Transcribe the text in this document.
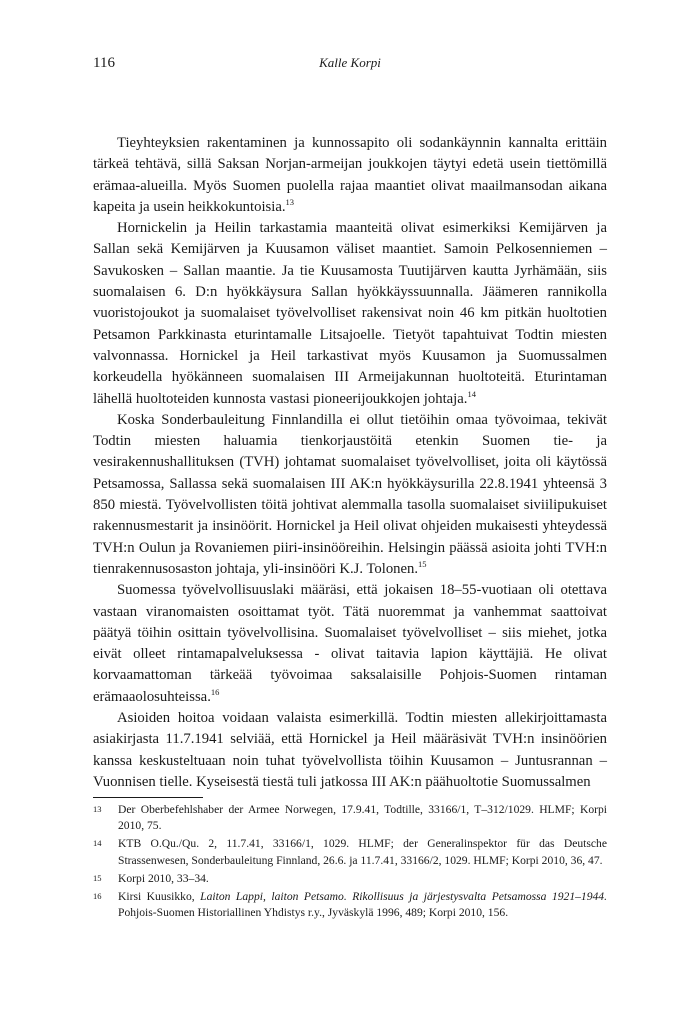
116	Kalle Korpi

Tieyhteyksien rakentaminen ja kunnossapito oli sodankäynnin kannalta erittäin tärkeä tehtävä, sillä Saksan Norjan-armeijan joukkojen täytyi edetä usein tiettömillä erämaa-alueilla. Myös Suomen puolella rajaa maantiet olivat maailmansodan aikana kapeita ja usein heikkokuntoisia.$^{13}$

Hornickelin ja Heilin tarkastamia maanteitä olivat esimerkiksi Kemijärven ja Sallan sekä Kemijärven ja Kuusamon väliset maantiet. Samoin Pelkosenniemen – Savukosken – Sallan maantie. Ja tie Kuusamosta Tuutijärven kautta Jyrhämään, siis suomalaisen 6. D:n hyökkäysura Sallan hyökkäyssuunnalla. Jäämeren rannikolla vuoristojoukot ja suomalaiset työvelvolliset rakensivat noin 46 km pitkän huoltotien Petsamon Parkkinasta eturintamalle Litsajoelle. Tietyöt tapahtuivat Todtin miesten valvonnassa. Hornickel ja Heil tarkastivat myös Kuusamon ja Suomussalmen korkeudella hyökänneen suomalaisen III Armeijakunnan huoltoteitä. Eturintaman lähellä huoltoteiden kunnosta vastasi pioneerijoukkojen johtaja.$^{14}$

Koska Sonderbauleitung Finnlandilla ei ollut tietöihin omaa työvoimaa, tekivät Todtin miesten haluamia tienkorjaustöitä etenkin Suomen tie- ja vesirakennushallituksen (TVH) johtamat suomalaiset työvelvolliset, joita oli käytössä Petsamossa, Sallassa sekä suomalaisen III AK:n hyökkäysurilla 22.8.1941 yhteensä 3 850 miestä. Työvelvollisten töitä johtivat alemmalla tasolla suomalaiset siviilipukuiset rakennusmestarit ja insinöörit. Hornickel ja Heil olivat ohjeiden mukaisesti yhteydessä TVH:n Oulun ja Rovaniemen piiri-insinööreihin. Helsingin päässä asioita johti TVH:n tienrakennusosaston johtaja, yli-insinööri K.J. Tolonen.$^{15}$

Suomessa työvelvollisuuslaki määräsi, että jokaisen 18–55-vuotiaan oli otettava vastaan viranomaisten osoittamat työt. Tätä nuoremmat ja vanhemmat saattoivat päätyä töihin osittain työvelvollisina. Suomalaiset työvelvolliset – siis miehet, jotka eivät olleet rintamapalveluksessa - olivat taitavia lapion käyttäjiä. He olivat korvaamattoman tärkeää työvoimaa saksalaisille Pohjois-Suomen rintaman erämaaolosuhteissa.$^{16}$

Asioiden hoitoa voidaan valaista esimerkillä. Todtin miesten allekirjoittamasta asiakirjasta 11.7.1941 selviää, että Hornickel ja Heil määräsivät TVH:n insinöörien kanssa keskusteltuaan noin tuhat työvelvollista töihin Kuusamon – Juntusrannan – Vuonnisen tielle. Kyseisestä tiestä tuli jatkossa III AK:n päähuoltotie Suomussalmen

13 Der Oberbefehlshaber der Armee Norwegen, 17.9.41, Todtille, 33166/1, T–312/1029. HLMF; Korpi 2010, 75.
14 KTB O.Qu./Qu. 2, 11.7.41, 33166/1, 1029. HLMF; der Generalinspektor für das Deutsche Strassenwesen, Sonderbauleitung Finnland, 26.6. ja 11.7.41, 33166/2, 1029. HLMF; Korpi 2010, 36, 47.
15 Korpi 2010, 33–34.
16 Kirsi Kuusikko, Laiton Lappi, laiton Petsamo. Rikollisuus ja järjestysvalta Petsamossa 1921–1944. Pohjois-Suomen Historiallinen Yhdistys r.y., Jyväskylä 1996, 489; Korpi 2010, 156.
